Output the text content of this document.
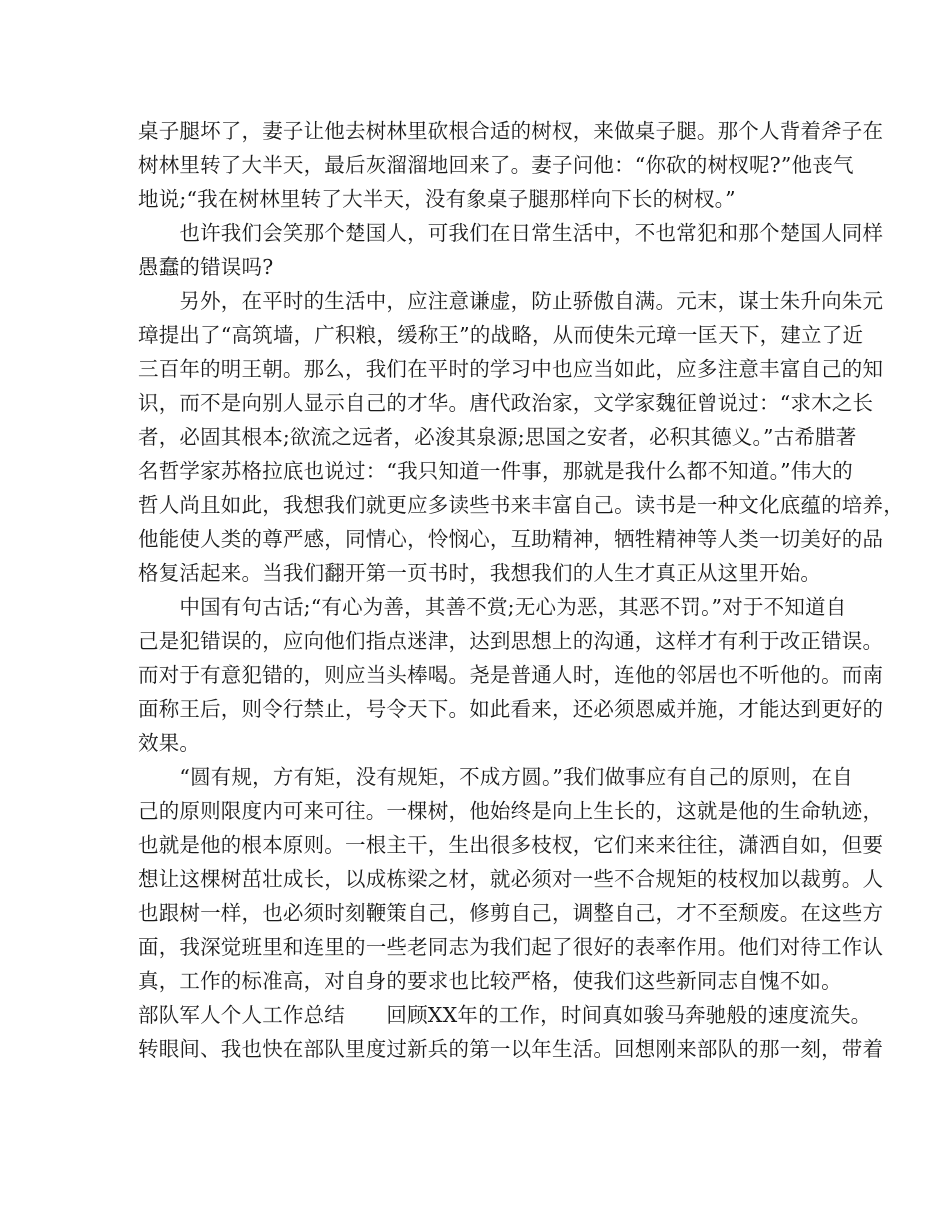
桌子腿坏了，妻子让他去树林里砍根合适的树杈，来做桌子腿。那个人背着斧子在
树林里转了大半天，最后灰溜溜地回来了。妻子问他：“你砍的树杈呢?”他丧气
地说;“我在树林里转了大半天，没有象桌子腿那样向下长的树杈。”
　　也许我们会笑那个楚国人，可我们在日常生活中，不也常犯和那个楚国人同样
愚蠢的错误吗?
　　另外，在平时的生活中，应注意谦虚，防止骄傲自满。元末，谋士朱升向朱元
璋提出了“高筑墙，广积粮，缓称王”的战略，从而使朱元璋一匡天下，建立了近
三百年的明王朝。那么，我们在平时的学习中也应当如此，应多注意丰富自己的知
识，而不是向别人显示自己的才华。唐代政治家，文学家魏征曾说过：“求木之长
者，必固其根本;欲流之远者，必浚其泉源;思国之安者，必积其德义。”古希腊著
名哲学家苏格拉底也说过：“我只知道一件事，那就是我什么都不知道。”伟大的
哲人尚且如此，我想我们就更应多读些书来丰富自己。读书是一种文化底蕴的培养，
他能使人类的尊严感，同情心，怜悯心，互助精神，牺牲精神等人类一切美好的品
格复活起来。当我们翻开第一页书时，我想我们的人生才真正从这里开始。
　　中国有句古话;“有心为善，其善不赏;无心为恶，其恶不罚。”对于不知道自
己是犯错误的，应向他们指点迷津，达到思想上的沟通，这样才有利于改正错误。
而对于有意犯错的，则应当头棒喝。尧是普通人时，连他的邻居也不听他的。而南
面称王后，则令行禁止，号令天下。如此看来，还必须恩威并施，才能达到更好的
效果。
　　“圆有规，方有矩，没有规矩，不成方圆。”我们做事应有自己的原则，在自
己的原则限度内可来可往。一棵树，他始终是向上生长的，这就是他的生命轨迹，
也就是他的根本原则。一根主干，生出很多枝杈，它们来来往往，潇洒自如，但要
想让这棵树茁壮成长，以成栋梁之材，就必须对一些不合规矩的枝杈加以裁剪。人
也跟树一样，也必须时刻鞭策自己，修剪自己，调整自己，才不至颓废。在这些方
面，我深觉班里和连里的一些老同志为我们起了很好的表率作用。他们对待工作认
真，工作的标准高，对自身的要求也比较严格，使我们这些新同志自愧不如。
部队军人个人工作总结　　回顾XX年的工作，时间真如骏马奔驰般的速度流失。
转眼间、我也快在部队里度过新兵的第一以年生活。回想刚来部队的那一刻，带着
